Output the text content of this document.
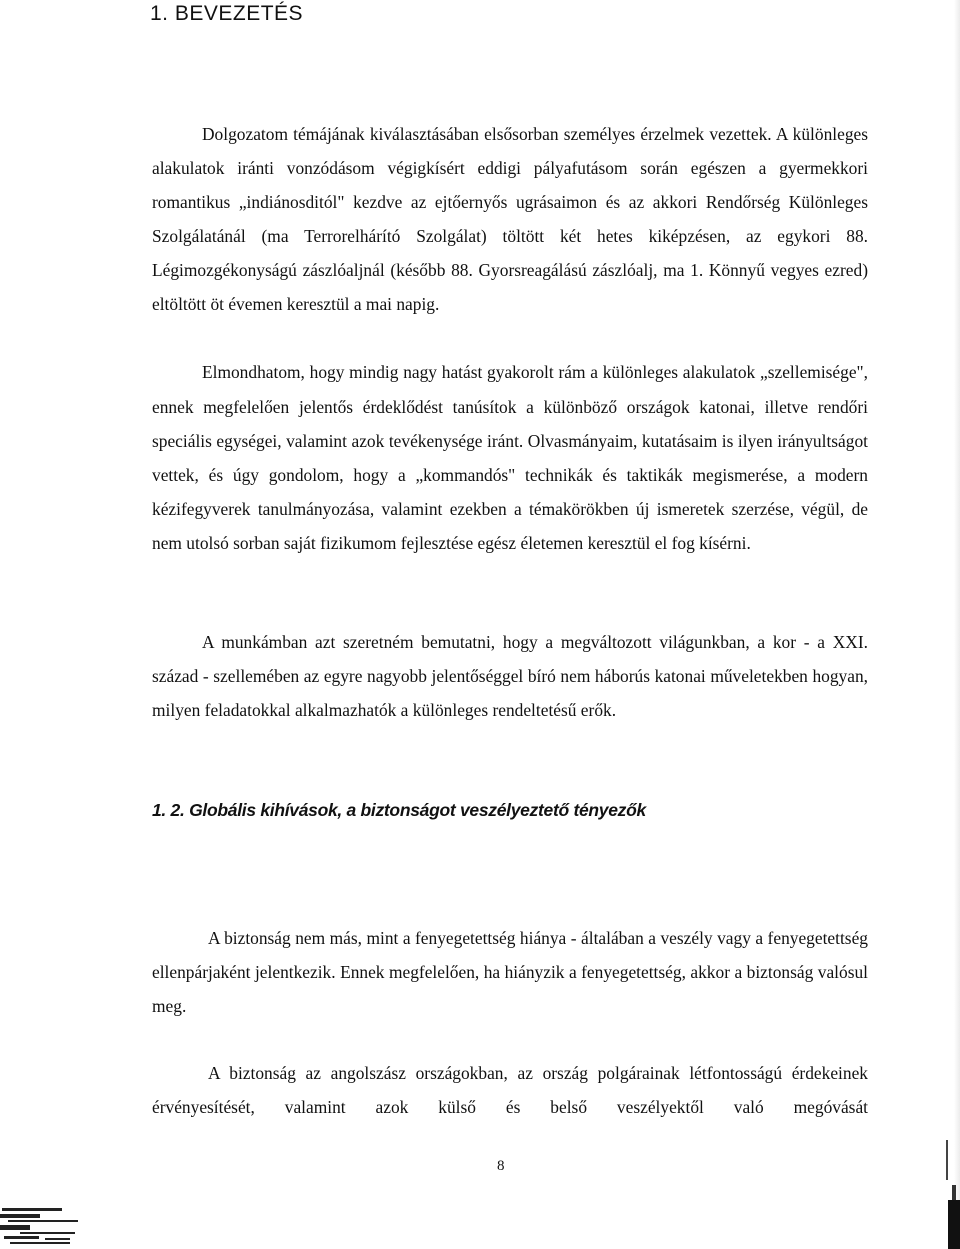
1. BEVEZETÉS

Dolgozatom témájának kiválasztásában elsősorban személyes érzelmek vezettek. A különleges alakulatok iránti vonzódásom végigkísért eddigi pályafutásom során egészen a gyermekkori romantikus „indiánosditól" kezdve az ejtőernyős ugrásaimon és az akkori Rendőrség Különleges Szolgálatánál (ma Terrorelhárító Szolgálat) töltött két hetes kiképzésen, az egykori 88. Légimozgékonyságú zászlóaljnál (később 88. Gyorsreagálású zászlóalj, ma 1. Könnyű vegyes ezred) eltöltött öt évemen keresztül a mai napig.

Elmondhatom, hogy mindig nagy hatást gyakorolt rám a különleges alakulatok „szellemisége", ennek megfelelően jelentős érdeklődést tanúsítok a különböző országok katonai, illetve rendőri speciális egységei, valamint azok tevékenysége iránt. Olvasmányaim, kutatásaim is ilyen irányultságot vettek, és úgy gondolom, hogy a „kommandós" technikák és taktikák megismerése, a modern kézifegyverek tanulmányozása, valamint ezekben a témakörökben új ismeretek szerzése, végül, de nem utolsó sorban saját fizikumom fejlesztése egész életemen keresztül el fog kísérni.

A munkámban azt szeretném bemutatni, hogy a megváltozott világunkban, a kor - a XXI. század - szellemében az egyre nagyobb jelentőséggel bíró nem háborús katonai műveletekben hogyan, milyen feladatokkal alkalmazhatók a különleges rendeltetésű erők.

1. 2. Globális kihívások, a biztonságot veszélyeztető tényezők

A biztonság nem más, mint a fenyegetettség hiánya - általában a veszély vagy a fenyegetettség ellenpárjaként jelentkezik. Ennek megfelelően, ha hiányzik a fenyegetettség, akkor a biztonság valósul meg.

A biztonság az angolszász országokban, az ország polgárainak létfontosságú érdekeinek érvényesítését, valamint azok külső és belső veszélyektől való megóvását

8
